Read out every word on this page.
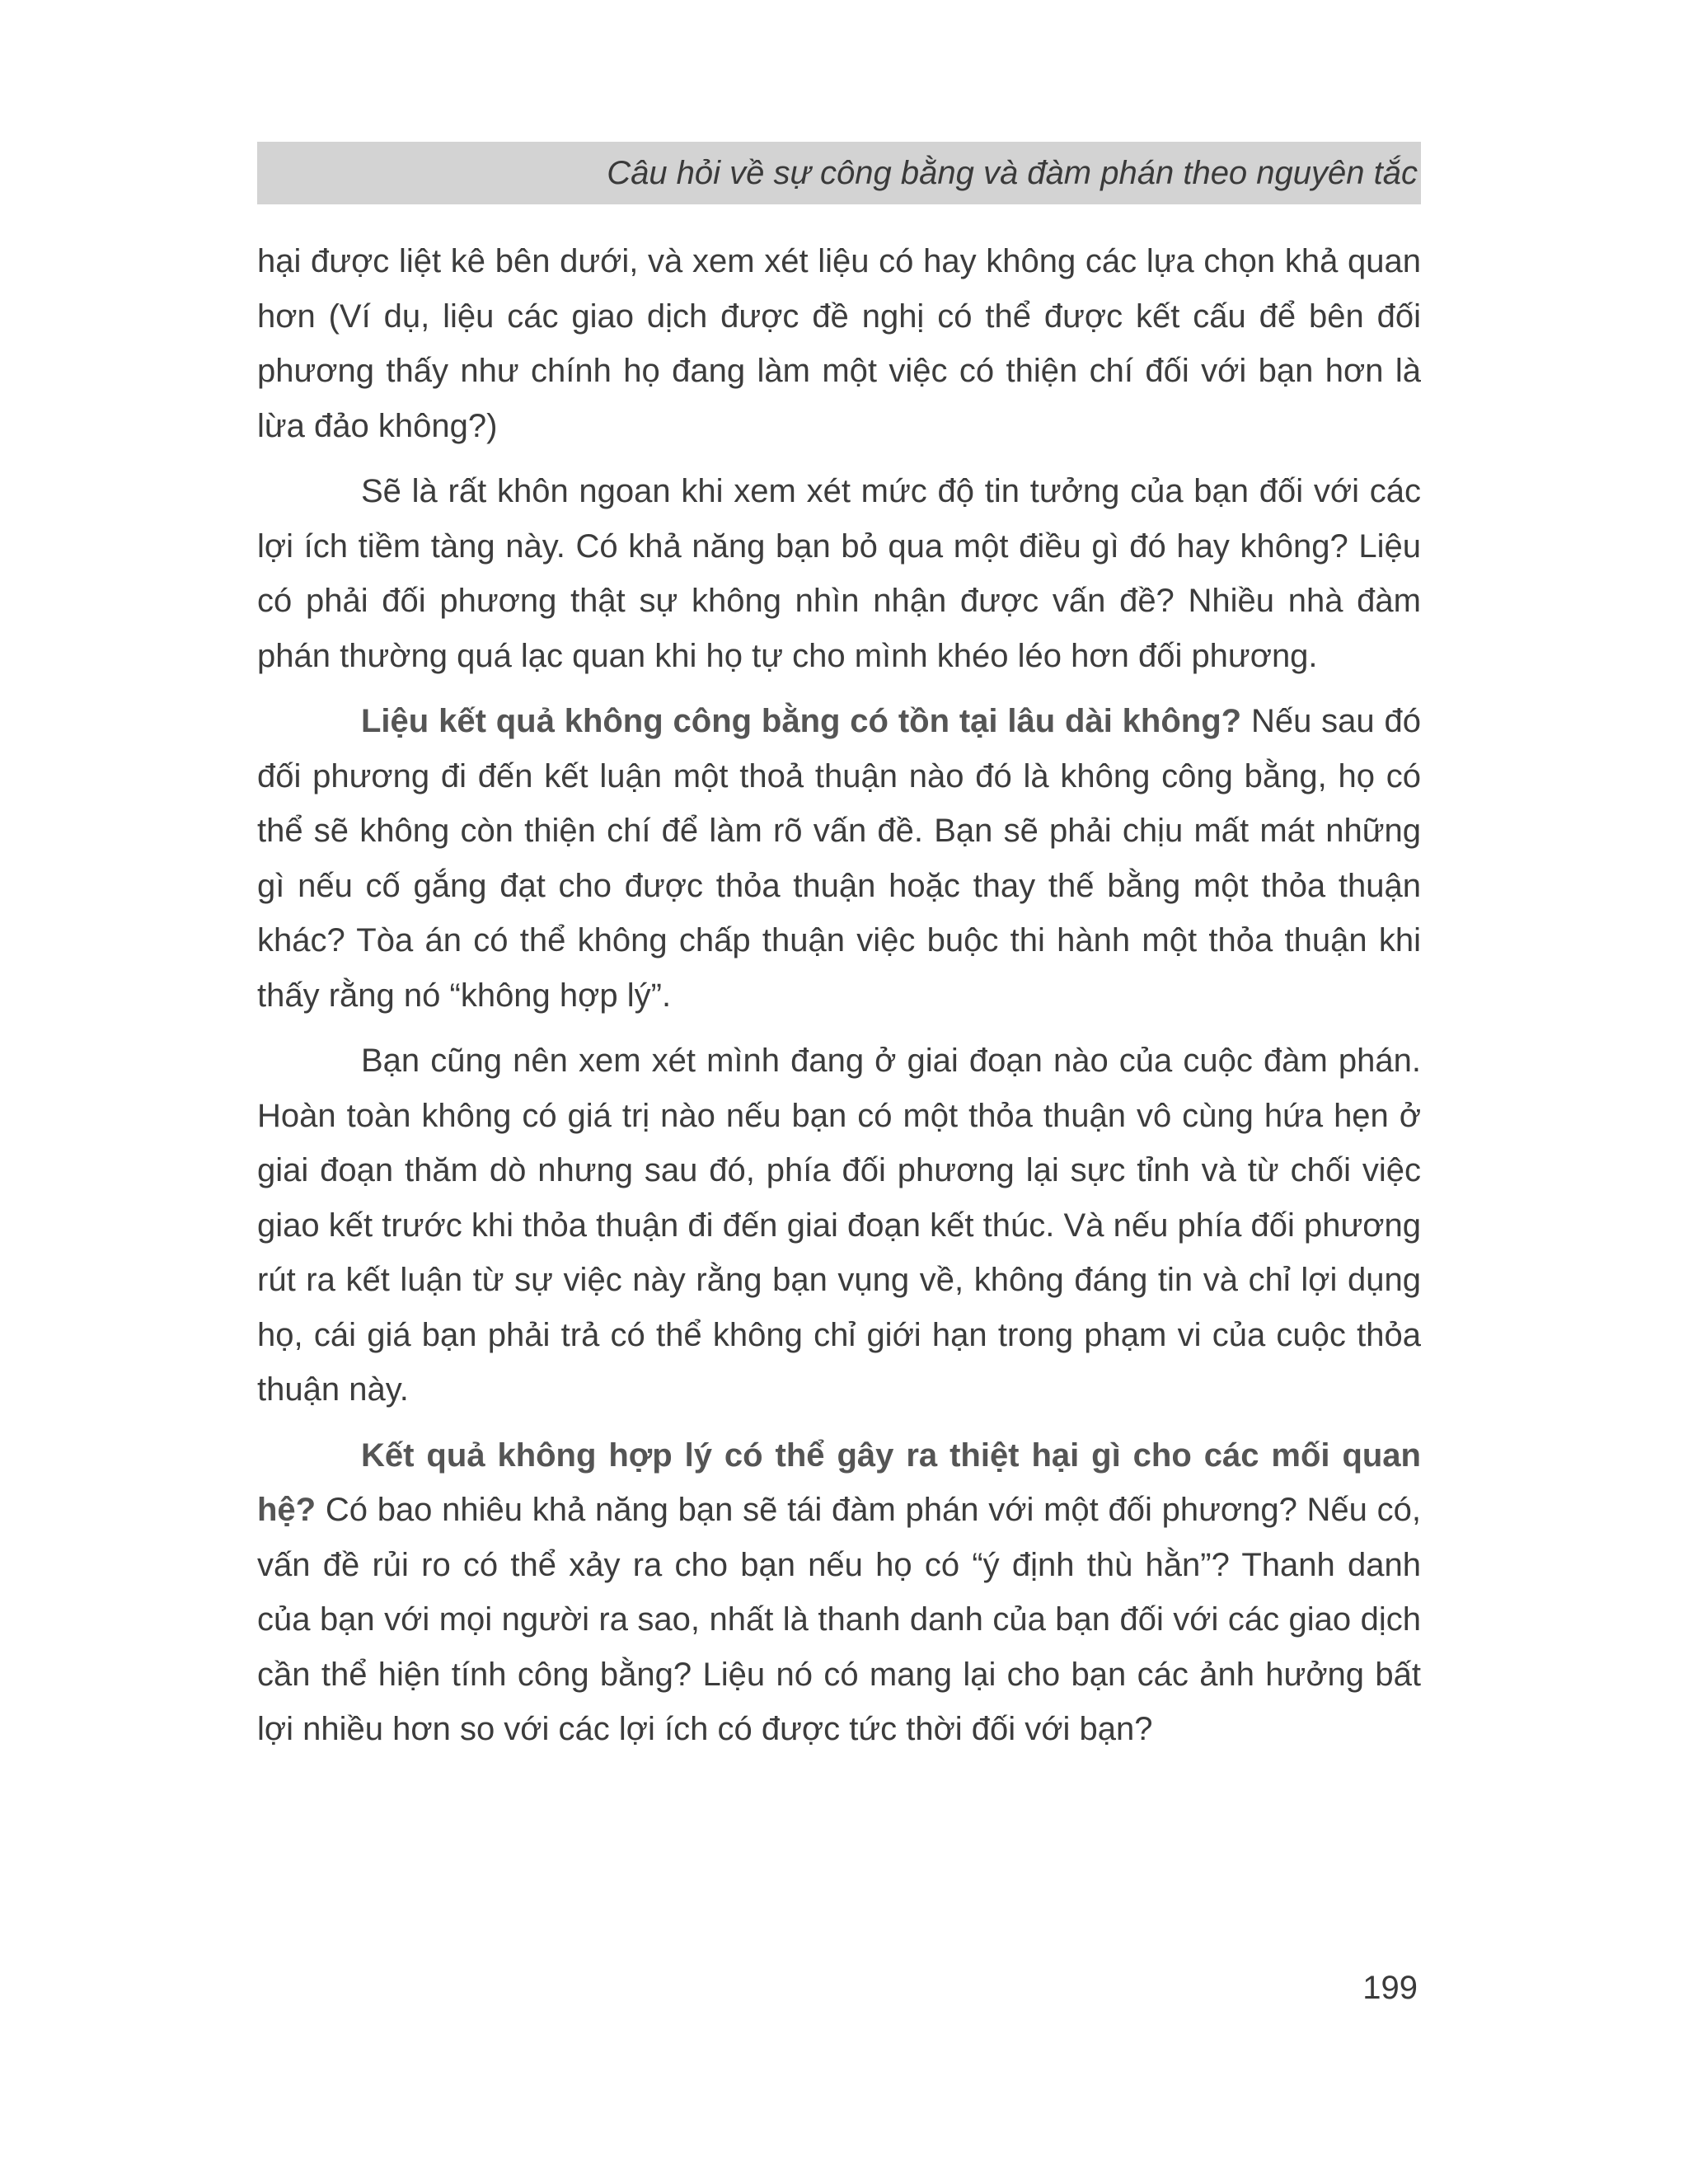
Câu hỏi về sự công bằng và đàm phán theo nguyên tắc

hại được liệt kê bên dưới, và xem xét liệu có hay không các lựa chọn khả quan hơn (Ví dụ, liệu các giao dịch được đề nghị có thể được kết cấu để bên đối phương thấy như chính họ đang làm một việc có thiện chí đối với bạn hơn là lừa đảo không?)

Sẽ là rất khôn ngoan khi xem xét mức độ tin tưởng của bạn đối với các lợi ích tiềm tàng này. Có khả năng bạn bỏ qua một điều gì đó hay không? Liệu có phải đối phương thật sự không nhìn nhận được vấn đề? Nhiều nhà đàm phán thường quá lạc quan khi họ tự cho mình khéo léo hơn đối phương.

Liệu kết quả không công bằng có tồn tại lâu dài không? Nếu sau đó đối phương đi đến kết luận một thoả thuận nào đó là không công bằng, họ có thể sẽ không còn thiện chí để làm rõ vấn đề. Bạn sẽ phải chịu mất mát những gì nếu cố gắng đạt cho được thỏa thuận hoặc thay thế bằng một thỏa thuận khác? Tòa án có thể không chấp thuận việc buộc thi hành một thỏa thuận khi thấy rằng nó “không hợp lý”.

Bạn cũng nên xem xét mình đang ở giai đoạn nào của cuộc đàm phán. Hoàn toàn không có giá trị nào nếu bạn có một thỏa thuận vô cùng hứa hẹn ở giai đoạn thăm dò nhưng sau đó, phía đối phương lại sực tỉnh và từ chối việc giao kết trước khi thỏa thuận đi đến giai đoạn kết thúc. Và nếu phía đối phương rút ra kết luận từ sự việc này rằng bạn vụng về, không đáng tin và chỉ lợi dụng họ, cái giá bạn phải trả có thể không chỉ giới hạn trong phạm vi của cuộc thỏa thuận này.

Kết quả không hợp lý có thể gây ra thiệt hại gì cho các mối quan hệ? Có bao nhiêu khả năng bạn sẽ tái đàm phán với một đối phương? Nếu có, vấn đề rủi ro có thể xảy ra cho bạn nếu họ có “ý định thù hằn”? Thanh danh của bạn với mọi người ra sao, nhất là thanh danh của bạn đối với các giao dịch cần thể hiện tính công bằng? Liệu nó có mang lại cho bạn các ảnh hưởng bất lợi nhiều hơn so với các lợi ích có được tức thời đối với bạn?

199
